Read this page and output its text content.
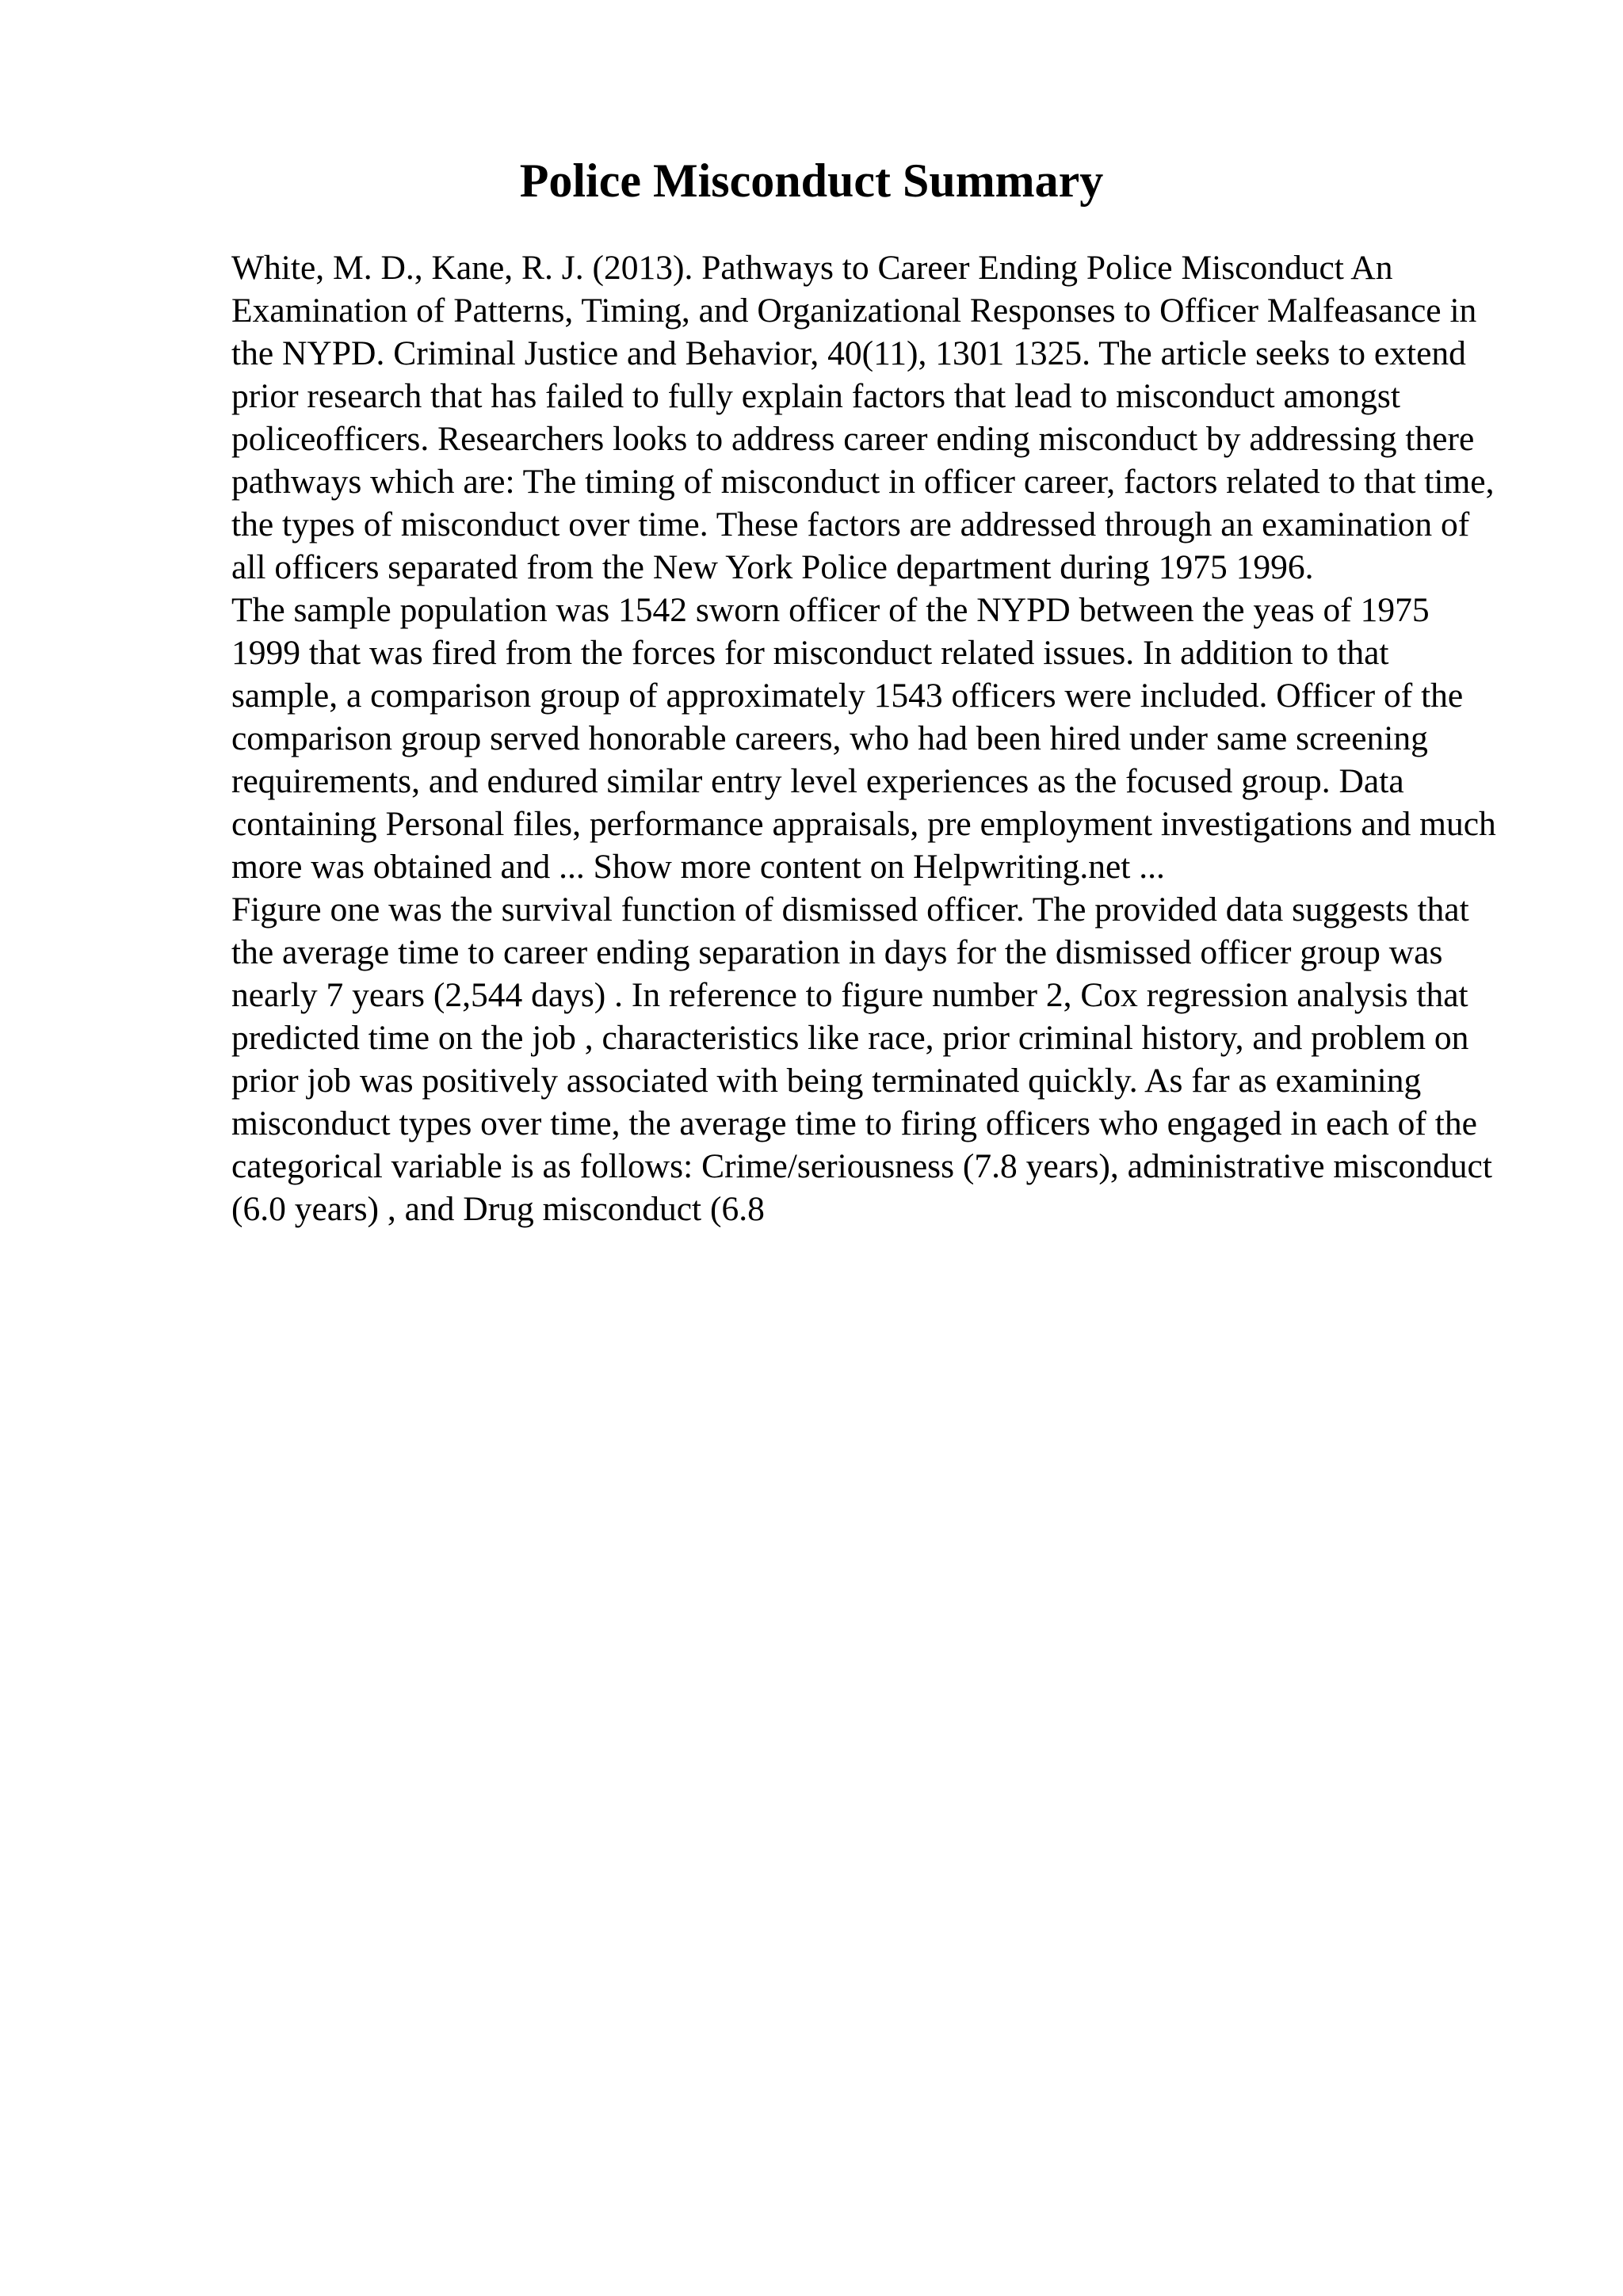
Police Misconduct Summary

White, M. D., Kane, R. J. (2013). Pathways to Career Ending Police Misconduct An Examination of Patterns, Timing, and Organizational Responses to Officer Malfeasance in the NYPD. Criminal Justice and Behavior, 40(11), 1301 1325. The article seeks to extend prior research that has failed to fully explain factors that lead to misconduct amongst policeofficers. Researchers looks to address career ending misconduct by addressing there pathways which are: The timing of misconduct in officer career, factors related to that time, the types of misconduct over time. These factors are addressed through an examination of all officers separated from the New York Police department during 1975 1996.

The sample population was 1542 sworn officer of the NYPD between the yeas of 1975 1999 that was fired from the forces for misconduct related issues. In addition to that sample, a comparison group of approximately 1543 officers were included. Officer of the comparison group served honorable careers, who had been hired under same screening requirements, and endured similar entry level experiences as the focused group. Data containing Personal files, performance appraisals, pre employment investigations and much more was obtained and ... Show more content on Helpwriting.net ...

Figure one was the survival function of dismissed officer. The provided data suggests that the average time to career ending separation in days for the dismissed officer group was nearly 7 years (2,544 days) . In reference to figure number 2, Cox regression analysis that predicted time on the job , characteristics like race, prior criminal history, and problem on prior job was positively associated with being terminated quickly. As far as examining misconduct types over time, the average time to firing officers who engaged in each of the categorical variable is as follows: Crime/seriousness (7.8 years), administrative misconduct (6.0 years) , and Drug misconduct (6.8
